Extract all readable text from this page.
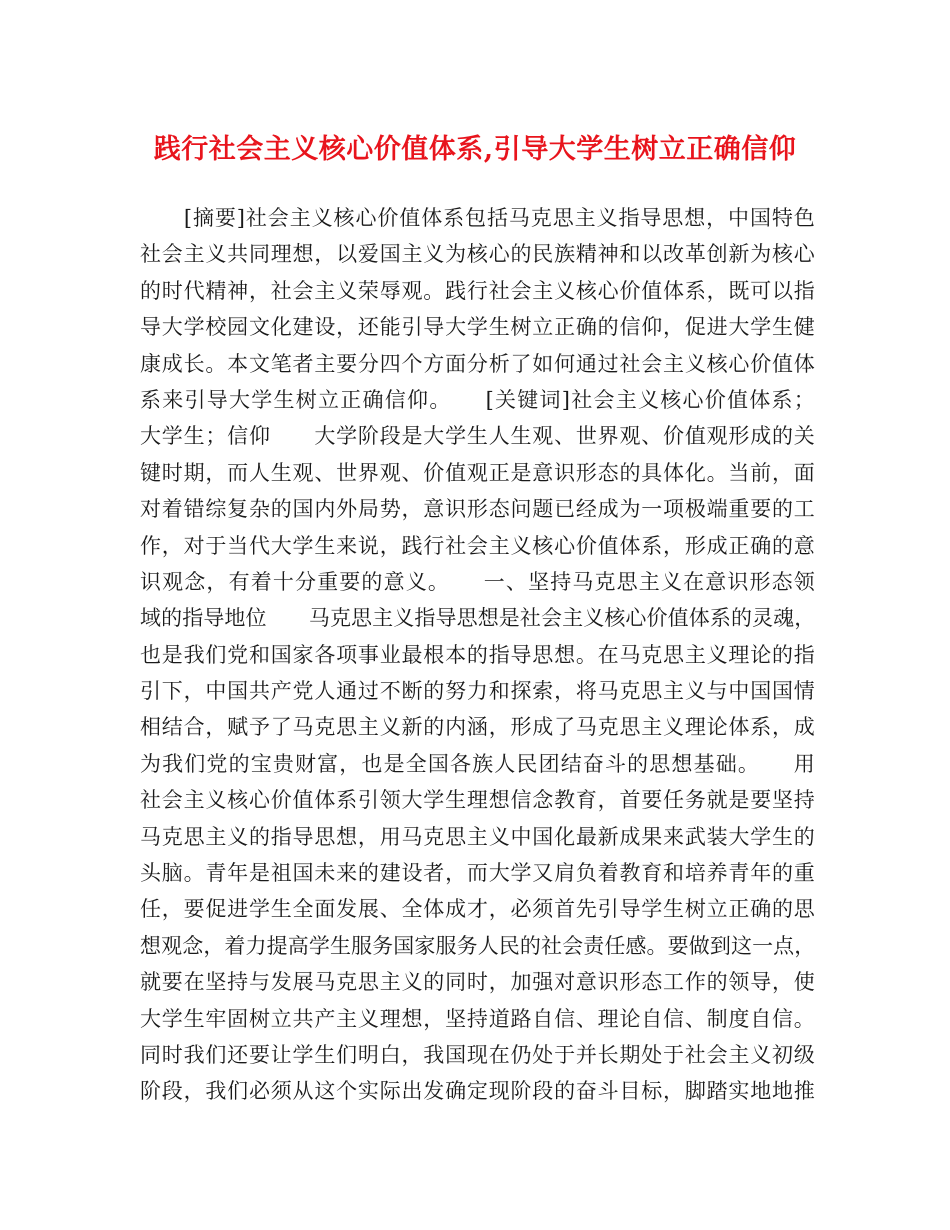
践行社会主义核心价值体系,引导大学生树立正确信仰
　　[摘要]社会主义核心价值体系包括马克思主义指导思想，中国特色
社会主义共同理想，以爱国主义为核心的民族精神和以改革创新为核心
的时代精神，社会主义荣辱观。践行社会主义核心价值体系，既可以指
导大学校园文化建设，还能引导大学生树立正确的信仰，促进大学生健
康成长。本文笔者主要分四个方面分析了如何通过社会主义核心价值体
系来引导大学生树立正确信仰。　　[关键词]社会主义核心价值体系；
大学生；信仰　　大学阶段是大学生人生观、世界观、价值观形成的关
键时期，而人生观、世界观、价值观正是意识形态的具体化。当前，面
对着错综复杂的国内外局势，意识形态问题已经成为一项极端重要的工
作，对于当代大学生来说，践行社会主义核心价值体系，形成正确的意
识观念，有着十分重要的意义。　　一、坚持马克思主义在意识形态领
域的指导地位　　马克思主义指导思想是社会主义核心价值体系的灵魂，
也是我们党和国家各项事业最根本的指导思想。在马克思主义理论的指
引下，中国共产党人通过不断的努力和探索，将马克思主义与中国国情
相结合，赋予了马克思主义新的内涵，形成了马克思主义理论体系，成
为我们党的宝贵财富，也是全国各族人民团结奋斗的思想基础。　　用
社会主义核心价值体系引领大学生理想信念教育，首要任务就是要坚持
马克思主义的指导思想，用马克思主义中国化最新成果来武装大学生的
头脑。青年是祖国未来的建设者，而大学又肩负着教育和培养青年的重
任，要促进学生全面发展、全体成才，必须首先引导学生树立正确的思
想观念，着力提高学生服务国家服务人民的社会责任感。要做到这一点，
就要在坚持与发展马克思主义的同时，加强对意识形态工作的领导，使
大学生牢固树立共产主义理想，坚持道路自信、理论自信、制度自信。
同时我们还要让学生们明白，我国现在仍处于并长期处于社会主义初级
阶段，我们必须从这个实际出发确定现阶段的奋斗目标，脚踏实地地推
